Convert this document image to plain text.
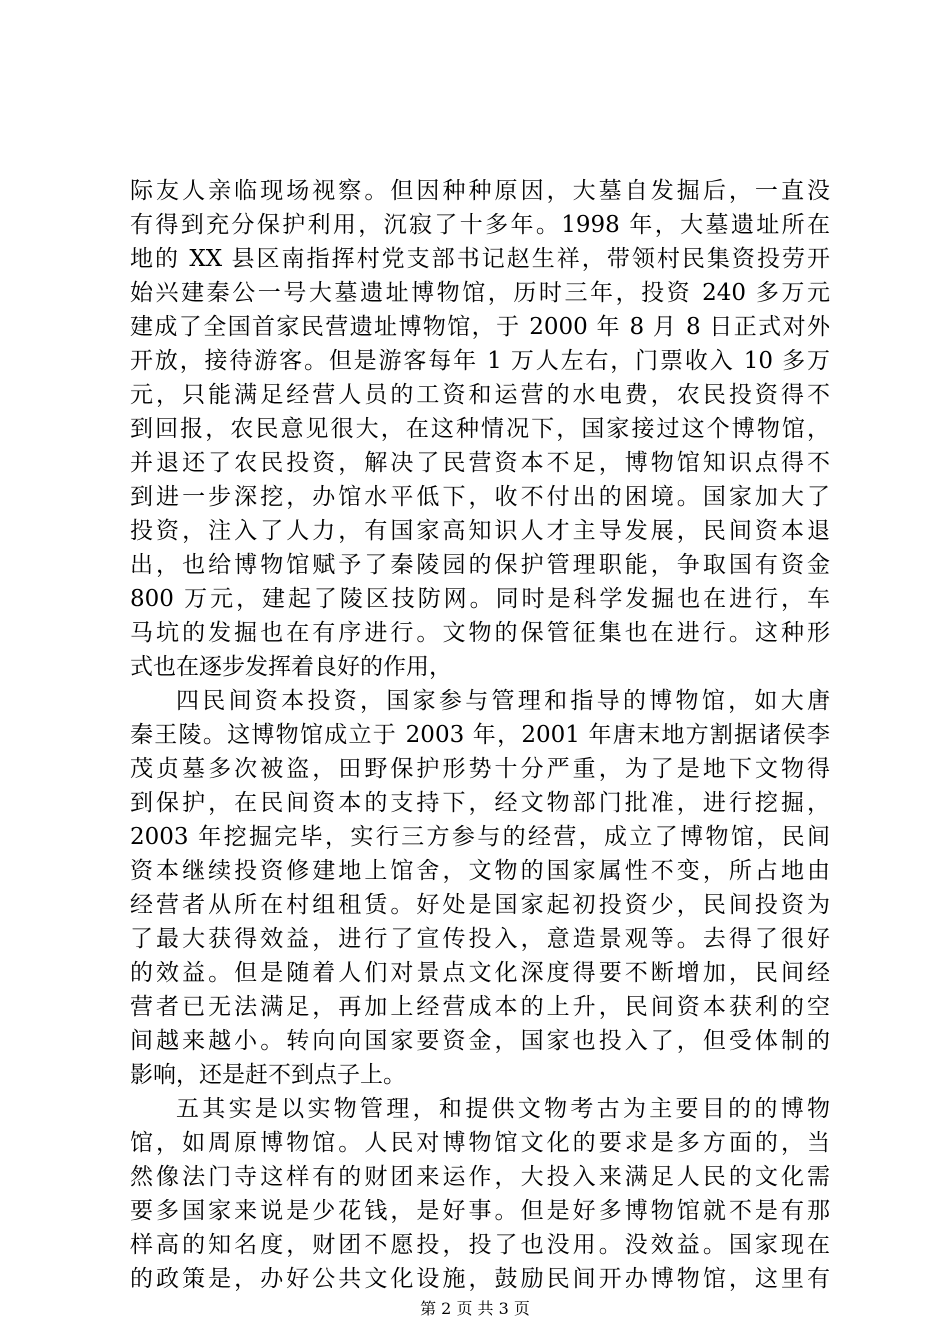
际友人亲临现场视察。但因种种原因，大墓自发掘后，一直没
有得到充分保护利用，沉寂了十多年。1998 年，大墓遗址所在
地的 XX 县区南指挥村党支部书记赵生祥，带领村民集资投劳开
始兴建秦公一号大墓遗址博物馆，历时三年，投资 240 多万元
建成了全国首家民营遗址博物馆，于 2000 年 8 月 8 日正式对外
开放，接待游客。但是游客每年 1 万人左右，门票收入 10 多万
元，只能满足经营人员的工资和运营的水电费，农民投资得不
到回报，农民意见很大，在这种情况下，国家接过这个博物馆，
并退还了农民投资，解决了民营资本不足，博物馆知识点得不
到进一步深挖，办馆水平低下，收不付出的困境。国家加大了
投资，注入了人力，有国家高知识人才主导发展，民间资本退
出，也给博物馆赋予了秦陵园的保护管理职能，争取国有资金
800 万元，建起了陵区技防网。同时是科学发掘也在进行，车
马坑的发掘也在有序进行。文物的保管征集也在进行。这种形
式也在逐步发挥着良好的作用，
四民间资本投资，国家参与管理和指导的博物馆，如大唐
秦王陵。这博物馆成立于 2003 年，2001 年唐末地方割据诸侯李
茂贞墓多次被盗，田野保护形势十分严重，为了是地下文物得
到保护，在民间资本的支持下，经文物部门批准，进行挖掘，
2003 年挖掘完毕，实行三方参与的经营，成立了博物馆，民间
资本继续投资修建地上馆舍，文物的国家属性不变，所占地由
经营者从所在村组租赁。好处是国家起初投资少，民间投资为
了最大获得效益，进行了宣传投入，意造景观等。去得了很好
的效益。但是随着人们对景点文化深度得要不断增加，民间经
营者已无法满足，再加上经营成本的上升，民间资本获利的空
间越来越小。转向向国家要资金，国家也投入了，但受体制的
影响，还是赶不到点子上。
五其实是以实物管理，和提供文物考古为主要目的的博物
馆，如周原博物馆。人民对博物馆文化的要求是多方面的，当
然像法门寺这样有的财团来运作，大投入来满足人民的文化需
要多国家来说是少花钱，是好事。但是好多博物馆就不是有那
样高的知名度，财团不愿投，投了也没用。没效益。国家现在
的政策是，办好公共文化设施，鼓励民间开办博物馆，这里有
第 2 页 共 3 页
